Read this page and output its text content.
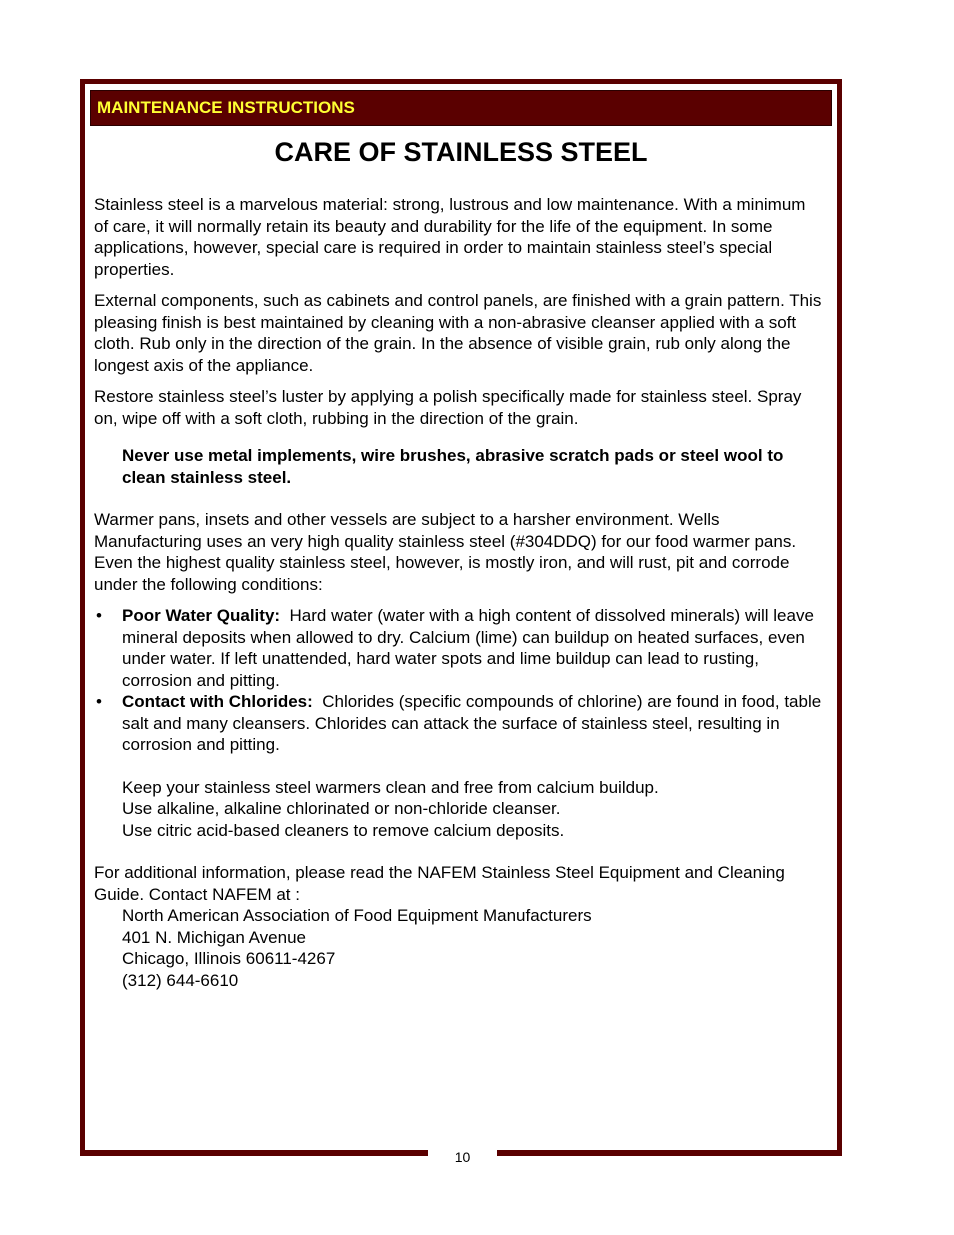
10
MAINTENANCE INSTRUCTIONS
CARE OF STAINLESS STEEL

Stainless steel is a marvelous material: strong, lustrous and low maintenance. With a minimum of care, it will normally retain its beauty and durability for the life of the equipment. In some applications, however, special care is required in order to maintain stainless steel’s special properties.

External components, such as cabinets and control panels, are finished with a grain pattern. This pleasing finish is best maintained by cleaning with a non-abrasive cleanser applied with a soft cloth. Rub only in the direction of the grain. In the absence of visible grain, rub only along the longest axis of the appliance.

Restore stainless steel’s luster by applying a polish specifically made for stainless steel. Spray on, wipe off with a soft cloth, rubbing in the direction of the grain.

Never use metal implements, wire brushes, abrasive scratch pads or steel wool to clean stainless steel.

Warmer pans, insets and other vessels are subject to a harsher environment. Wells Manufacturing uses an very high quality stainless steel (#304DDQ) for our food warmer pans. Even the highest quality stainless steel, however, is mostly iron, and will rust, pit and corrode under the following conditions:

• Poor Water Quality: Hard water (water with a high content of dissolved minerals) will leave mineral deposits when allowed to dry. Calcium (lime) can buildup on heated surfaces, even under water. If left unattended, hard water spots and lime buildup can lead to rusting, corrosion and pitting.
• Contact with Chlorides: Chlorides (specific compounds of chlorine) are found in food, table salt and many cleansers. Chlorides can attack the surface of stainless steel, resulting in corrosion and pitting.
Keep your stainless steel warmers clean and free from calcium buildup.
Use alkaline, alkaline chlorinated or non-chloride cleanser.
Use citric acid-based cleaners to remove calcium deposits.
For additional information, please read the NAFEM Stainless Steel Equipment and Cleaning Guide. Contact NAFEM at :
North American Association of Food Equipment Manufacturers
401 N. Michigan Avenue
Chicago, Illinois 60611-4267
(312) 644-6610
